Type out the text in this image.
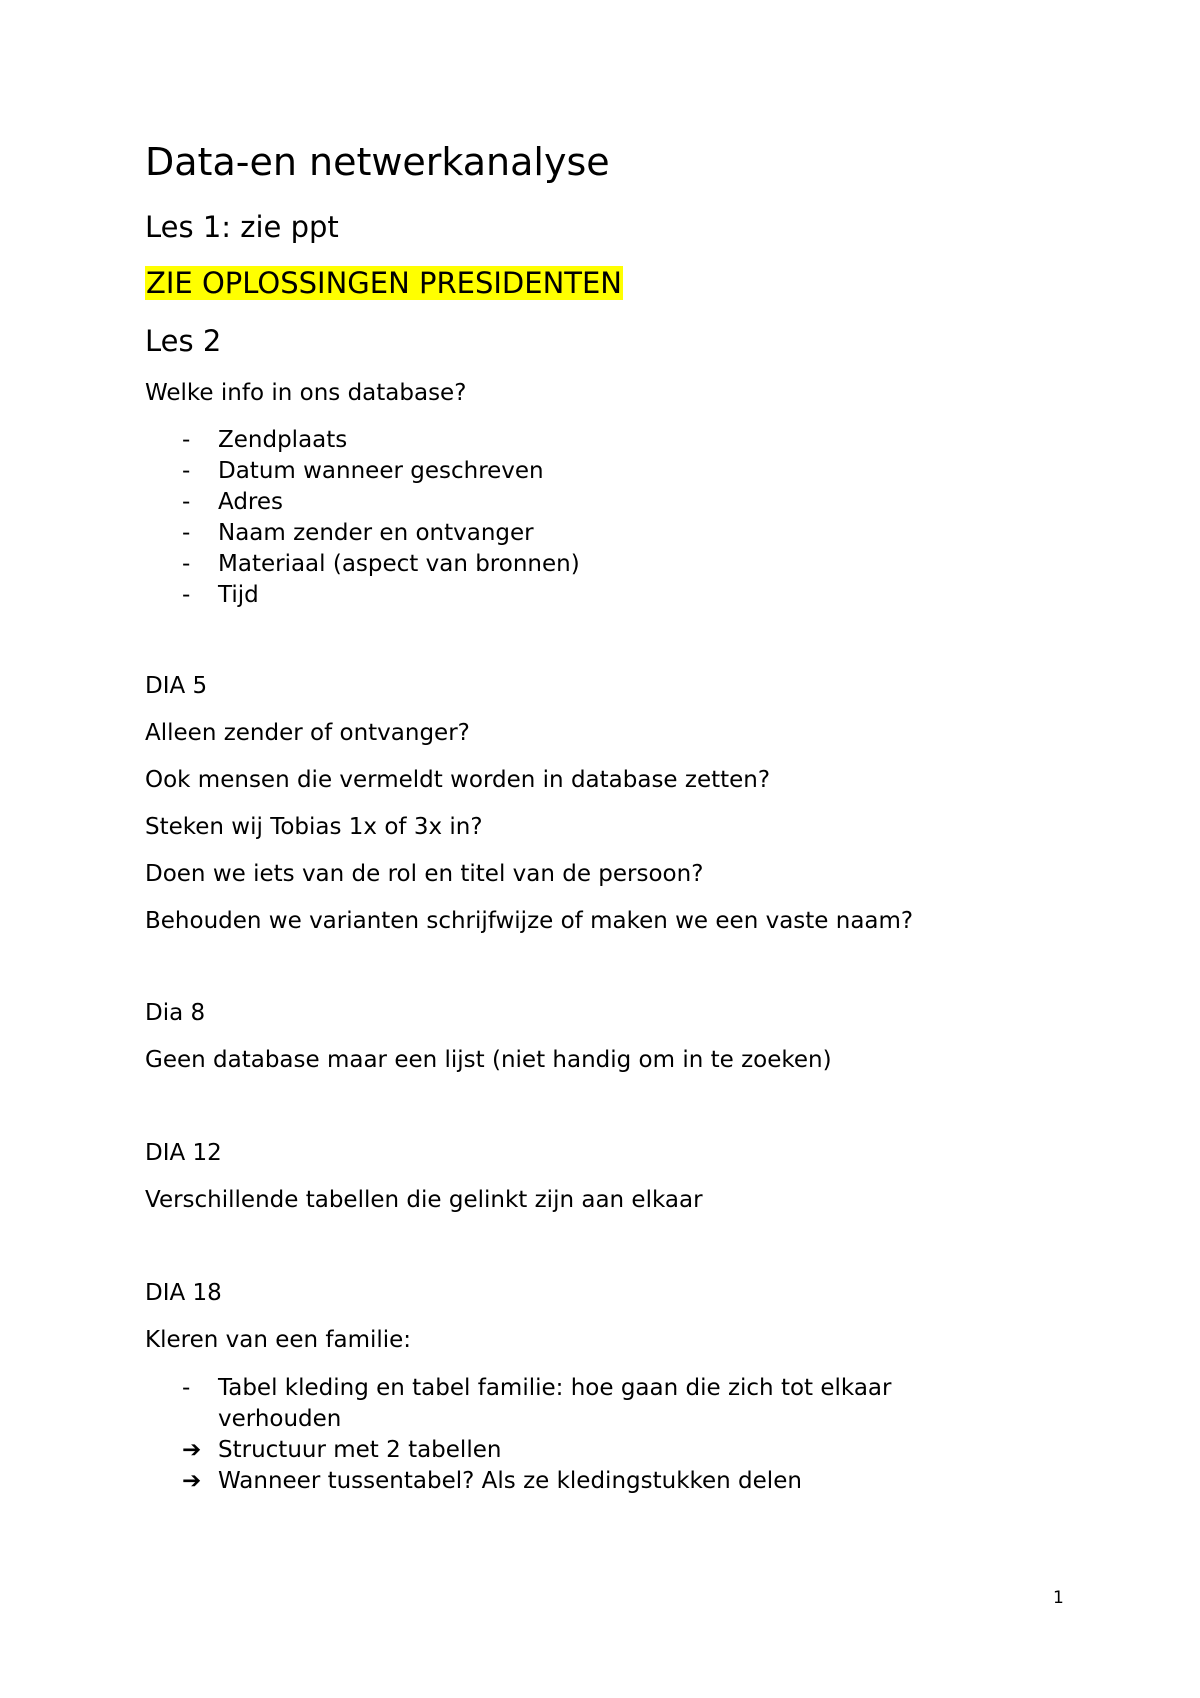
Data-en netwerkanalyse
Les 1: zie ppt
ZIE OPLOSSINGEN PRESIDENTEN
Les 2
Welke info in ons database?
-	Zendplaats
-	Datum wanneer geschreven
-	Adres
-	Naam zender en ontvanger
-	Materiaal (aspect van bronnen)
-	Tijd
DIA 5
Alleen zender of ontvanger?
Ook mensen die vermeldt worden in database zetten?
Steken wij Tobias 1x of 3x in?
Doen we iets van de rol en titel van de persoon?
Behouden we varianten schrijfwijze of maken we een vaste naam?
Dia 8
Geen database maar een lijst (niet handig om in te zoeken)
DIA 12
Verschillende tabellen die gelinkt zijn aan elkaar
DIA 18
Kleren van een familie:
-	Tabel kleding en tabel familie: hoe gaan die zich tot elkaar verhouden
➔ Structuur met 2 tabellen
➔ Wanneer tussentabel? Als ze kledingstukken delen
1
